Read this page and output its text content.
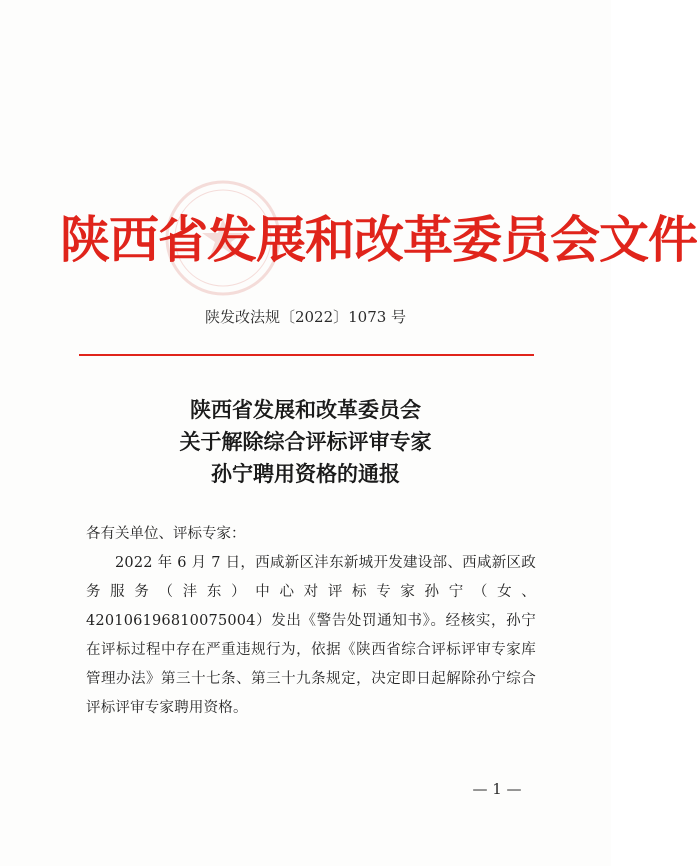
陕西省发展和改革委员会文件
陕发改法规〔2022〕1073 号
陕西省发展和改革委员会
关于解除综合评标评审专家
孙宁聘用资格的通报

各有关单位、评标专家：

2022 年 6 月 7 日，西咸新区沣东新城开发建设部、西咸新区政务服务（沣东）中心对评标专家孙宁（女、420106196810075004）发出《警告处罚通知书》。经核实，孙宁在评标过程中存在严重违规行为，依据《陕西省综合评标评审专家库管理办法》第三十七条、第三十九条规定，决定即日起解除孙宁综合评标评审专家聘用资格。

— 1 —
